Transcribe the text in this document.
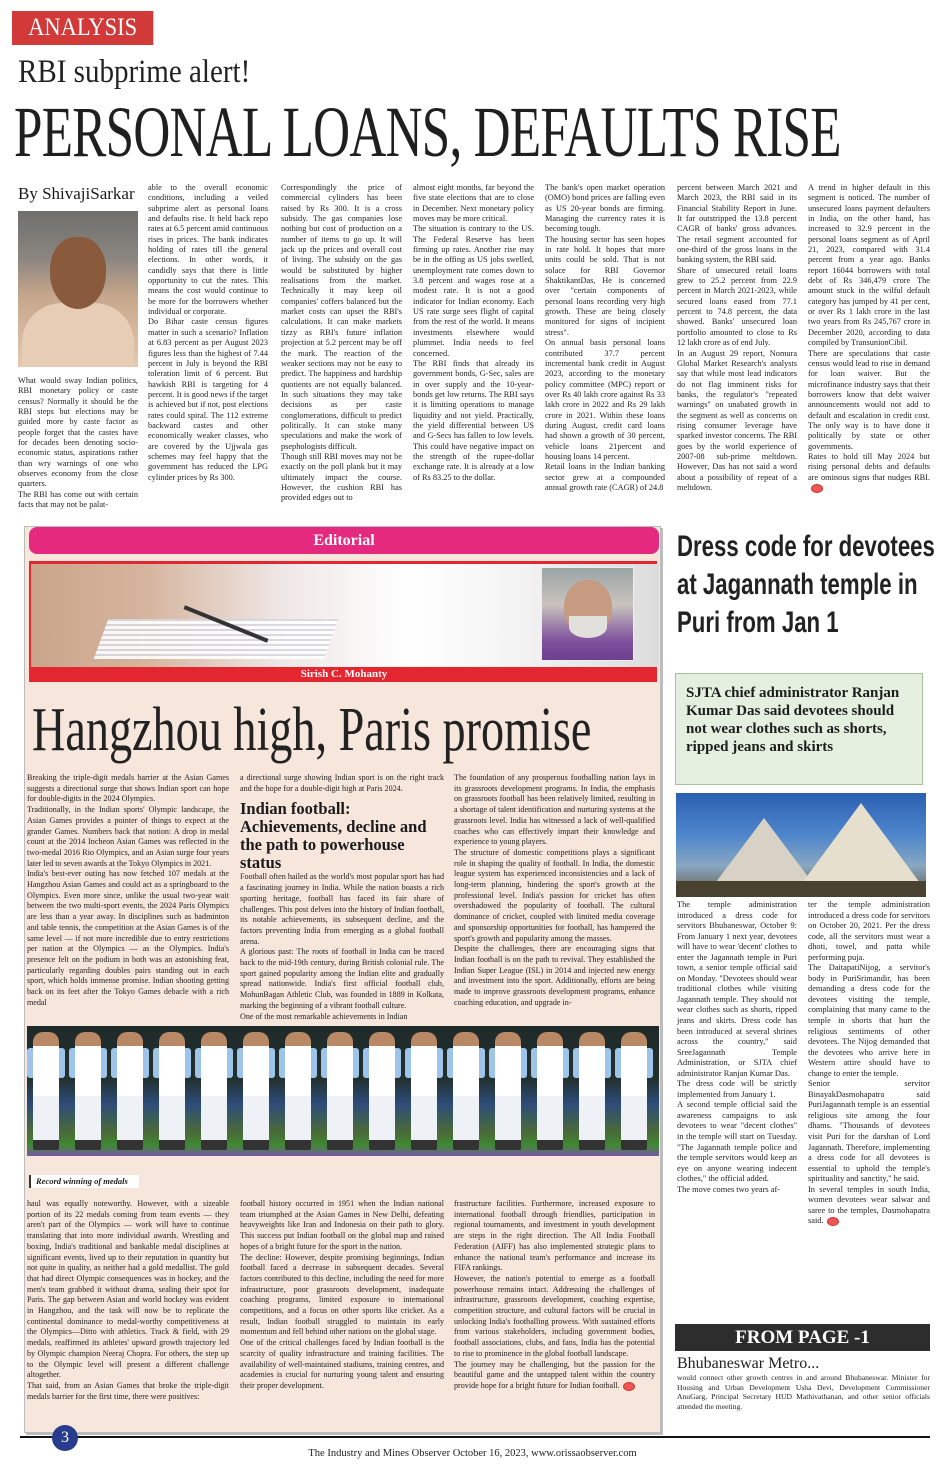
ANALYSIS
RBI subprime alert!
PERSONAL LOANS, DEFAULTS RISE
By ShivajiSarkar

What would sway Indian politics, RBI monetary policy or caste census? Normally it should be the RBI steps but elections may be guided more by caste factor as people forget that the castes have for decades been denoting socio-economic status, aspirations rather than wry warnings of one who observes economy from the close quarters.

The RBI has come out with certain facts that may not be palat-

able to the overall economic conditions, including a veiled subprime alert as personal loans and defaults rise. It held back repo rates at 6.5 percent amid continuous rises in prices. The bank indicates holding of rates till the general elections. In other words, it candidly says that there is little opportunity to cut the rates. This means the cost would continue to be more for the borrowers whether individual or corporate.

Do Bihar caste census figures matter in such a scenario? Inflation at 6.83 percent as per August 2023 figures less than the highest of 7.44 percent in July is beyond the RBI toleration limit of 6 percent. But hawkish RBI is targeting for 4 percent. It is good news if the target is achieved but if not, post elections rates could spiral. The 112 extreme backward castes and other economically weaker classes, who are covered by the Ujjwala gas schemes may feel happy that the government has reduced the LPG cylinder prices by Rs 300.

Correspondingly the price of commercial cylinders has been raised by Rs 300. It is a cross subsidy. The gas companies lose nothing but cost of production on a number of items to go up. It will jack up the prices and overall cost of living. The subsidy on the gas would be substituted by higher realisations from the market. Technically it may keep oil companies' coffers balanced but the market costs can upset the RBI's calculations. It can make markets tizzy as RBI's future inflation projection at 5.2 percent may be off the mark. The reaction of the weaker sections may not be easy to predict. The happiness and hardship quotients are not equally balanced. In such situations they may take decisions as per caste conglomerations, difficult to predict politically. It can stoke many speculations and make the work of psephologists difficult.

Though still RBI moves may not be exactly on the poll plank but it may ultimately impact the course. However, the cushion RBI has provided edges out to

almost eight months, far beyond the five state elections that are to close in December. Next monetary policy moves may be more critical.

The situation is contrary to the US. The Federal Reserve has been firming up rates. Another rise may be in the offing as US jobs swelled, unemployment rate comes down to 3.8 percent and wages rose at a modest rate. It is not a good indicator for Indian economy. Each US rate surge sees flight of capital from the rest of the world. It means investments elsewhere would plummet. India needs to feel concerned.

The RBI finds that already its government bonds, G-Sec, sales are in over supply and the 10-year-bonds get low returns. The RBI says it is limiting operations to manage liquidity and not yield. Practically, the yield differential between US and G-Secs has fallen to low levels. This could have negative impact on the strength of the rupee-dollar exchange rate. It is already at a low of Rs 83.25 to the dollar.

The bank's open market operation (OMO) bond prices are falling even as US 20-year bonds are firming. Managing the currency rates it is becoming tough.

The housing sector has seen hopes in rate hold. It hopes that more units could be sold. That is not solace for RBI Governor ShaktikantDas, He is concerned over "certain components of personal loans recording very high growth. These are being closely monitored for signs of incipient stress".

On annual basis personal loans contributed 37.7 percent incremental bank credit in August 2023, according to the monetary policy committee (MPC) report or over Rs 40 lakh crore against Rs 33 lakh crore in 2022 and Rs 29 lakh crore in 2021. Within these loans during August, credit card loans had shown a growth of 30 percent, vehicle loans 21percent and housing loans 14 percent.

Retail loans in the Indian banking sector grew at a compounded annual growth rate (CAGR) of 24.8

percent between March 2021 and March 2023, the RBI said in its Financial Stability Report in June. It far outstripped the 13.8 percent CAGR of banks' gross advances. The retail segment accounted for one-third of the gross loans in the banking system, the RBI said.

Share of unsecured retail loans grew to 25.2 percent from 22.9 percent in March 2021-2023, while secured loans eased from 77.1 percent to 74.8 percent, the data showed. Banks' unsecured loan portfolio amounted to close to Rs 12 lakh crore as of end July.

In an August 29 report, Nomura Global Market Research's analysts say that while most lead indicators do not flag imminent risks for banks, the regulator's "repeated warnings" on unabated growth in the segment as well as concerns on rising consumer leverage have sparked investor concerns. The RBI goes by the world experience of 2007-08 sub-prime meltdown. However, Das has not said a word about a possibility of repeat of a meltdown.

A trend in higher default in this segment is noticed. The number of unsecured loans payment defaulters in India, on the other hand, has increased to 32.9 percent in the personal loans segment as of April 21, 2023, compared with 31.4 percent from a year ago. Banks report 16044 borrowers with total debt of Rs 346,479 crore The amount stuck in the wilful default category has jumped by 41 per cent, or over Rs 1 lakh crore in the last two years from Rs 245,767 crore in December 2020, according to data compiled by TransunionCibil.

There are speculations that caste census would lead to rise in demand for loan waiver. But the microfinance industry says that their borrowers know that debt waiver announcements would not add to default and escalation in credit cost. The only way is to have done it politically by state or other governments.

Rates to hold till May 2024 but rising personal debts and defaults are ominous signs that nudges RBI.

Editorial
Sirish C. Mohanty
Hangzhou high, Paris promise

Breaking the triple-digit medals barrier at the Asian Games suggests a directional surge that shows Indian sport can hope for double-digits in the 2024 Olympics.

Traditionally, in the Indian sports' Olympic landscape, the Asian Games provides a pointer of things to expect at the grander Games. Numbers back that notion: A drop in medal count at the 2014 Incheon Asian Games was reflected in the two-medal 2016 Rio Olympics, and an Asian surge four years later led to seven awards at the Tokyo Olympics in 2021.

India's best-ever outing has now fetched 107 medals at the Hangzhou Asian Games and could act as a springboard to the Olympics. Even more since, unlike the usual two-year wait between the two multi-sport events, the 2024 Paris Olympics are less than a year away. In disciplines such as badminton and table tennis, the competition at the Asian Games is of the same level — if not more incredible due to entry restrictions per nation at the Olympics — as the Olympics. India's presence felt on the podium in both was an astonishing feat, particularly regarding doubles pairs standing out in each sport, which holds immense promise. Indian shooting getting back on its feet after the Tokyo Games debacle with a rich medal

a directional surge showing Indian sport is on the right track and the hope for a double-digit high at Paris 2024.

Indian football: Achievements, decline and the path to powerhouse status

Football often hailed as the world's most popular sport has had a fascinating journey in India. While the nation boasts a rich sporting heritage, football has faced its fair share of challenges. This post delves into the history of Indian football, its notable achievements, its subsequent decline, and the factors preventing India from emerging as a global football arena.

A glorious past: The roots of football in India can be traced back to the mid-19th century, during British colonial rule. The sport gained popularity among the Indian elite and gradually spread nationwide. India's first official football club, MohunBagan Athletic Club, was founded in 1889 in Kolkata, marking the beginning of a vibrant football culture.

One of the most remarkable achievements in Indian

The foundation of any prosperous footballing nation lays in its grassroots development programs. In India, the emphasis on grassroots football has been relatively limited, resulting in a shortage of talent identification and nurturing systems at the grassroots level. India has witnessed a lack of well-qualified coaches who can effectively impart their knowledge and experience to young players.

The structure of domestic competitions plays a significant role in shaping the quality of football. In India, the domestic league system has experienced inconsistencies and a lack of long-term planning, hindering the sport's growth at the professional level. India's passion for cricket has often overshadowed the popularity of football. The cultural dominance of cricket, coupled with limited media coverage and sponsorship opportunities for football, has hampered the sport's growth and popularity among the masses.

Despite the challenges, there are encouraging signs that Indian football is on the path to revival. They established the Indian Super League (ISL) in 2014 and injected new energy and investment into the sport. Additionally, efforts are being made to improve grassroots development programs, enhance coaching education, and upgrade in-

Record winning of medals

haul was equally noteworthy. However, with a sizeable portion of its 22 medals coming from team events — they aren't part of the Olympics — work will have to continue translating that into more individual awards. Wrestling and boxing, India's traditional and bankable medal disciplines at significant events, lived up to their reputation in quantity but not quite in quality, as neither had a gold medallist. The gold that had direct Olympic consequences was in hockey, and the men's team grabbed it without drama, sealing their spot for Paris. The gap between Asian and world hockey was evident in Hangzhou, and the task will now be to replicate the continental dominance to medal-worthy competitiveness at the Olympics—Ditto with athletics. Track & field, with 29 medals, reaffirmed its athletes' upward growth trajectory led by Olympic champion Neeraj Chopra. For others, the step up to the Olympic level will present a different challenge altogether.

That said, from an Asian Games that broke the triple-digit medals barrier for the first time, there were positives:

football history occurred in 1951 when the Indian national team triumphed at the Asian Games in New Delhi, defeating heavyweights like Iran and Indonesia on their path to glory. This success put Indian football on the global map and raised hopes of a bright future for the sport in the nation.

The decline: However, despite promising beginnings, Indian football faced a decrease in subsequent decades. Several factors contributed to this decline, including the need for more infrastructure, poor grassroots development, inadequate coaching programs, limited exposure to international competitions, and a focus on other sports like cricket. As a result, Indian football struggled to maintain its early momentum and fell behind other nations on the global stage.

One of the critical challenges faced by Indian football is the scarcity of quality infrastructure and training facilities. The availability of well-maintained stadiums, training centres, and academies is crucial for nurturing young talent and ensuring their proper development.

frastructure facilities. Furthermore, increased exposure to international football through friendlies, participation in regional tournaments, and investment in youth development are steps in the right direction. The All India Football Federation (AIFF) has also implemented strategic plans to enhance the national team's performance and increase its FIFA rankings.

However, the nation's potential to emerge as a football powerhouse remains intact. Addressing the challenges of infrastructure, grassroots development, coaching expertise, competition structure, and cultural factors will be crucial in unlocking India's footballing prowess. With sustained efforts from various stakeholders, including government bodies, football associations, clubs, and fans, India has the potential to rise to prominence in the global football landscape.

The journey may be challenging, but the passion for the beautiful game and the untapped talent within the country provide hope for a bright future for Indian football.

Dress code for devotees at Jagannath temple in Puri from Jan 1
SJTA chief administrator Ranjan Kumar Das said devotees should not wear clothes such as shorts, ripped jeans and skirts

The temple administration introduced a dress code for servitors Bhubaneswar, October 9: From January 1 next year, devotees will have to wear 'decent' clothes to enter the Jagannath temple in Puri town, a senior temple official said on Monday. "Devotees should wear traditional clothes while visiting Jagannath temple. They should not wear clothes such as shorts, ripped jeans and skirts. Dress code has been introduced at several shrines across the country," said SreeJagannath Temple Administration, or SJTA chief administrator Ranjan Kumar Das.

The dress code will be strictly implemented from January 1.

A second temple official said the awareness campaigns to ask devotees to wear "decent clothes" in the temple will start on Tuesday. "The Jagannath temple police and the temple servitors would keep an eye on anyone wearing indecent clothes," the official added.

The move comes two years af-

ter the temple administration introduced a dress code for servitors on October 20, 2021. Per the dress code, all the servitors must wear a dhoti, towel, and patta while performing puja.

The DaitapatiNijog, a servitor's body in PuriSrimandir, has been demanding a dress code for the devotees visiting the temple, complaining that many came to the temple in shorts that hurt the religious sentiments of other devotees. The Nijog demanded that the devotees who arrive here in Western attire should have to change to enter the temple.

Senior servitor BinayakDasmohapatra said PuriJagannath temple is an essential religious site among the four dhams. "Thousands of devotees visit Puri for the darshan of Lord Jagannath. Therefore, implementing a dress code for all devotees is essential to uphold the temple's spirituality and sanctity," he said.

In several temples in south India, women devotees wear salwar and saree to the temples, Dasmohapatra said.

FROM PAGE -1
Bhubaneswar Metro...
would connect other growth centres in and around Bhubaneswar. Minister for Housing and Urban Development Usha Devi, Development Commissioner AnuGarg, Principal Secretary HUD Mathivathanan, and other senior officials attended the meeting.
3
The Industry and Mines Observer October 16, 2023, www.orissaobserver.com
